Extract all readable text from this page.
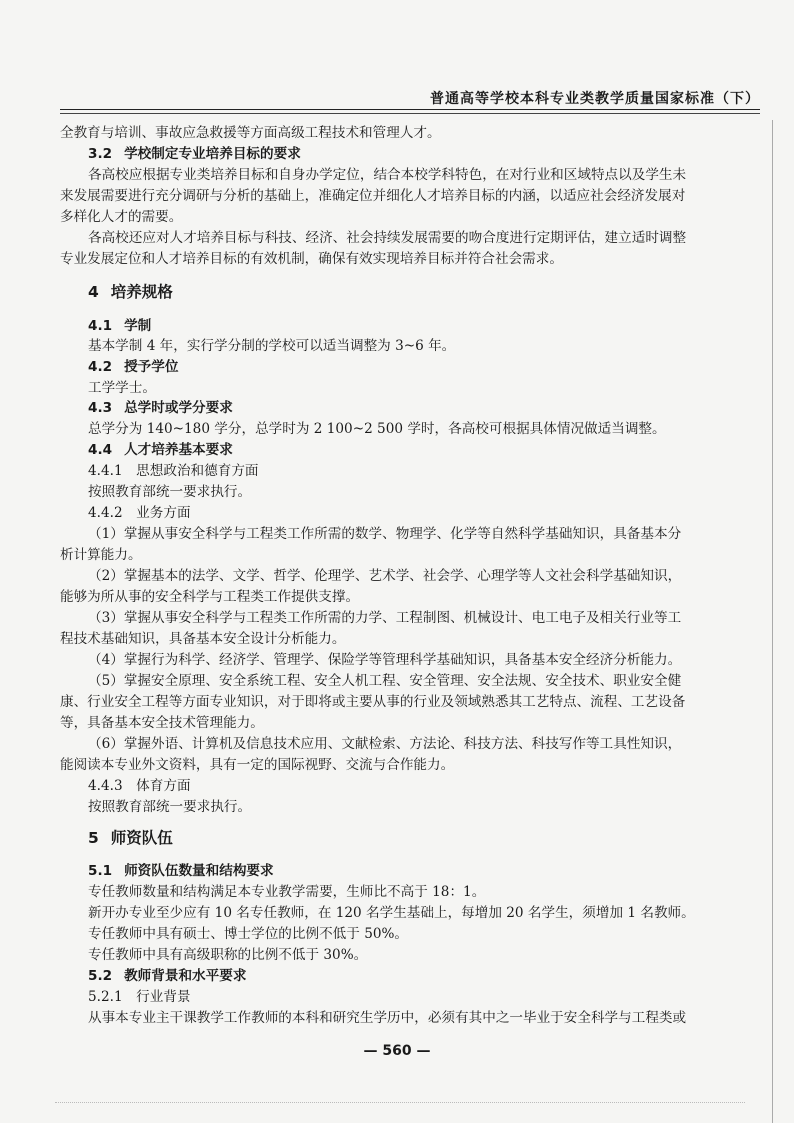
普通高等学校本科专业类教学质量国家标准（下）
全教育与培训、事故应急救援等方面高级工程技术和管理人才。
3.2 学校制定专业培养目标的要求
各高校应根据专业类培养目标和自身办学定位，结合本校学科特色，在对行业和区域特点以及学生未
来发展需要进行充分调研与分析的基础上，准确定位并细化人才培养目标的内涵，以适应社会经济发展对
多样化人才的需要。
各高校还应对人才培养目标与科技、经济、社会持续发展需要的吻合度进行定期评估，建立适时调整
专业发展定位和人才培养目标的有效机制，确保有效实现培养目标并符合社会需求。
4 培养规格
4.1 学制
基本学制 4 年，实行学分制的学校可以适当调整为 3~6 年。
4.2 授予学位
工学学士。
4.3 总学时或学分要求
总学分为 140~180 学分，总学时为 2 100~2 500 学时，各高校可根据具体情况做适当调整。
4.4 人才培养基本要求
4.4.1　思想政治和德育方面
按照教育部统一要求执行。
4.4.2　业务方面
（1）掌握从事安全科学与工程类工作所需的数学、物理学、化学等自然科学基础知识，具备基本分
析计算能力。
（2）掌握基本的法学、文学、哲学、伦理学、艺术学、社会学、心理学等人文社会科学基础知识，
能够为所从事的安全科学与工程类工作提供支撑。
（3）掌握从事安全科学与工程类工作所需的力学、工程制图、机械设计、电工电子及相关行业等工
程技术基础知识，具备基本安全设计分析能力。
（4）掌握行为科学、经济学、管理学、保险学等管理科学基础知识，具备基本安全经济分析能力。
（5）掌握安全原理、安全系统工程、安全人机工程、安全管理、安全法规、安全技术、职业安全健
康、行业安全工程等方面专业知识，对于即将或主要从事的行业及领域熟悉其工艺特点、流程、工艺设备
等，具备基本安全技术管理能力。
（6）掌握外语、计算机及信息技术应用、文献检索、方法论、科技方法、科技写作等工具性知识，
能阅读本专业外文资料，具有一定的国际视野、交流与合作能力。
4.4.3　体育方面
按照教育部统一要求执行。
5 师资队伍
5.1 师资队伍数量和结构要求
专任教师数量和结构满足本专业教学需要，生师比不高于 18：1。
新开办专业至少应有 10 名专任教师，在 120 名学生基础上，每增加 20 名学生，须增加 1 名教师。
专任教师中具有硕士、博士学位的比例不低于 50%。
专任教师中具有高级职称的比例不低于 30%。
5.2 教师背景和水平要求
5.2.1　行业背景
从事本专业主干课教学工作教师的本科和研究生学历中，必须有其中之一毕业于安全科学与工程类或
— 560 —
